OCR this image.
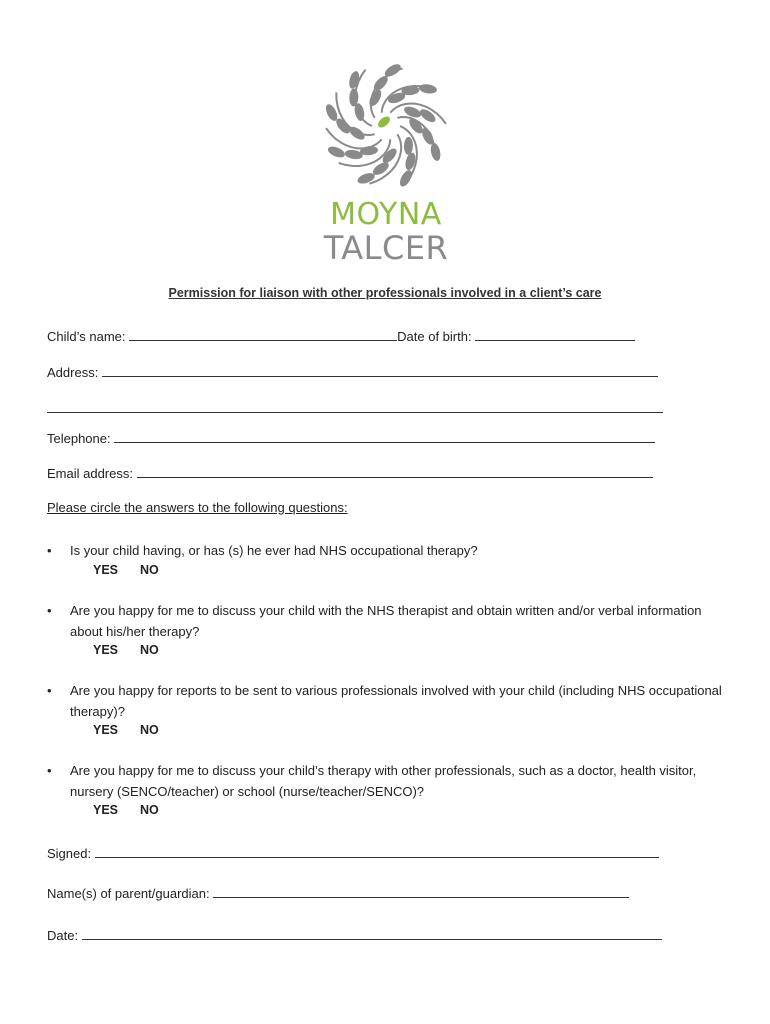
MOYNA
TALCER
Permission for liaison with other professionals involved in a client’s care
Child’s name:	Date of birth:
Address:
Telephone:
Email address:
Please circle the answers to the following questions:
• Is your child having, or has (s) he ever had NHS occupational therapy?
YES NO
• Are you happy for me to discuss your child with the NHS therapist and obtain written and/or verbal information about his/her therapy?
YES NO
• Are you happy for reports to be sent to various professionals involved with your child (including NHS occupational therapy)?
YES NO
• Are you happy for me to discuss your child’s therapy with other professionals, such as a doctor, health visitor, nursery (SENCO/teacher) or school (nurse/teacher/SENCO)?
YES NO
Signed:
Name(s) of parent/guardian:
Date:
